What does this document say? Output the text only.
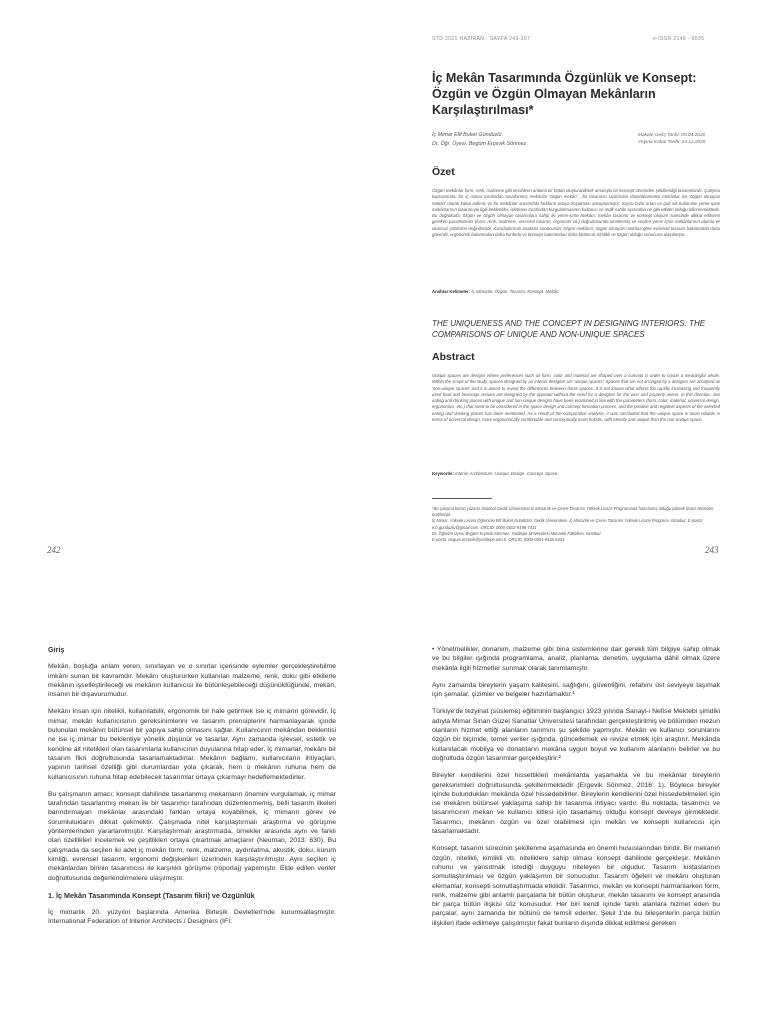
STD 2021 HAZİRAN - SAYFA 243-267	e-ISSN 2149 - 6595
İç Mekân Tasarımında Özgünlük ve Konsept: Özgün ve Özgün Olmayan Mekânların Karşılaştırılması*
İç Mimar Elif Buket Gündüzlü
Dr. Öğr. Üyesi. Begüm Erçevik Sönmez
Makale Geliş Tarihi: 09.04.2020
Yayına Kabul Tarihi: 14.11.2020
Özet

Özgün mekânlar form, renk, malzeme gibi tercihlerin anlamlı bir bütün oluşturabilmek amacıyla bir konsept üzerinden şekillendiği tasarımlardır. Çalışma kapsamında, bir iç mimar tarafından tasarlanmış mekânlar 'özgün mekân' , bir tasarımcı tarafından düzenlenmemiş mekânlar ise 'özgün olmayan mekân' olarak kabul edilmiş ve bu mekânlar arasındaki farkların ortaya koyulması amaçlanmıştır. Sayısı hızla artan ve gıdı sık kullanılan yeme-içme mekânlarının tasarımıyla ilgili beklentiler, işletmeci tarafından kurgulanmasının kullanıcı ve mülk sahibi açısından ne gibi etkileri olduğu bilinmemektedir. Bu doğrultuda, özgün ve özgün olmayan tasarımlara sahip iki yeme-içme mekânı, mekân tasarımı ve konsept oluşum sürecinde dikkat edilmesi gereken parametreler (form, renk, malzeme, evrensel tasarım, ergonomi vd.) doğrultusunda incelenmiş ve seçilen yeme içme mekânlarının olumlu ve olumsuz yönlerine değinilmiştir. Karşılaştırmalı analizler sonucunda; özgün mekânın, özgün olmayan mekâna göre evrensel tasarım bakımından daha güvenilir, ergonomik bakımından daha konforlu ve konsept bakımından daha bütüncül, kimlikli ve özgün olduğu sonucuna ulaşılmıştır.

Anahtar Kelimeler: İç Mimarlık. Özgün. Tasarım. Konsept. Mekân.

THE UNIQUENESS AND THE CONCEPT IN DESIGNING INTERIORS: THE COMPARISONS OF UNIQUE AND NON-UNIQUE SPACES
Abstract

Unique spaces are designs where preferences such as form, color and material are shaped over a concept in order to create a meaningful whole. Within the scope of the study, spaces designed by an interior designer are 'unique spaces'; Spaces that are not arranged by a designer are accepted as 'non-unique spaces' and it is aimed to reveal the differences between these spaces. It is not known what effects the rapidly increasing and frequently used food and beverage venues are designed by the operator without the need for a designer for the user and property owner. In this direction, two eating and drinking places with unique and non-unique designs have been examined in line with the parameters (form, color, material, universal design, ergonomics, etc.) that need to be considered in the space design and concept formation process, and the positive and negative aspects of the selected eating and drinking places has been mentioned. As a result of the comparative analysis, it was concluded that the unique space is more reliable in terms of universal design, more ergonomically comfortable and conceptually more holistic, with identity and unique than the non-unique space.

Keywords: Interior Architecture. Unique. Design. Concept. Space.

*Bu çalışma birinci yazarın İstanbul Gedik Üniversitesi İç Mimarlık ve Çevre Tasarımı Yüksek Lisans Programında hazırlamış olduğu yüksek lisans tezinden üretilmiştir.

İç Mimar. Yüksek Lisans Öğrencisi Elif Buket Gündüzlü. Gedik Üniversitesi. İç Mimarlık ve Çevre Tasarımı Yüksek Lisans Programı. İstanbul. E-posta: e.b.gunduzlu@gmail.com. ORCID: 0000-0002-9198-7431

Dr. Öğretim Üyesi Begüm Erçevik Sönmez. Yeditepe Üniversitesi Mimarlık Fakültesi. İstanbul.

E-posta: begum.ercevik@yeditepe.edu.tr. ORCID: 0000-0001-9435-6443

242	243
Giriş

Mekân, boşluğa anlam veren, sınırlayan ve o sınırlar içerisinde eylemler gerçekleştirebilme imkânı sunan bir kavramdır. Mekânı oluştururken kullanılan malzeme, renk, doku gibi etkilerle mekânın işselleştirileceği ve mekânın kullanıcısı ile bütünleşebileceği düşünüldüğünde, mekân, insanın bir dışavurumudur.

Mekânı insan için nitelikli, kullanılabilir, ergonomik bir hale getirmek ise iç mimarın görevidir. İç mimar, mekân kullanıcısının gereksinimlerini ve tasarım prensiplerini harmanlayarak içinde bulunulan mekânın bütünsel bir yapıya sahip olmasını sağlar. Kullanıcının mekândan beklentisi ne ise iç mimar bu beklentiye yönelik düşünür ve tasarlar. Aynı zamanda işlevsel, estetik ve kendine ait nitelikleri olan tasarımlarla kullanıcının duyularına hitap eder. İç mimarlar, mekânı bir tasarım fikri doğrultusunda tasarlamaktadırlar. Mekânın bağlamı, kullanıcıların ihtiyaçları, yapının tarihsel özelliği gibi durumlardan yola çıkarak, hem o mekânın ruhuna hem de kullanıcısının ruhuna hitap edebilecek tasarımlar ortaya çıkarmayı hedeflemektedirler.

Bu çalışmanın amacı; konsept dahilinde tasarlanmış mekanların önemini vurgulamak, iç mimar tarafından tasarlanmış mekan ile bir tasarımcı tarafından düzenlenmemiş, belli tasarım ilkeleri barındırmayan mekânlar arasındaki farkları ortaya koyabilmek, iç mimarın görev ve sorumlulukların dikkat çekmektir. Çalışmada nitel karşılaştırmalı araştırma ve görüşme yöntemlerinden yararlanılmıştır. Karşılaştırmalı araştırmada, örnekler arasında aynı ve farklı olan özellikleri incelemek ve çeşitlikleri ortaya çıkartmak amaçlanır (Neuman, 2013: 630). Bu çalışmada da seçilen iki adet iç mekân form, renk, malzeme, aydınlatma, akustik, doku, kurum kimliği, evrensel tasarım, ergonomi değişkenleri üzerinden karşılaştırılmıştır. Aynı seçilen iç mekânlardan birinin tasarımcısı ile karşılıklı görüşme (röportaj) yapılmıştır. Elde edilen veriler doğrultusunda değerlendirmelere ulaşılmıştır.

1. İç Mekân Tasarımında Konsept (Tasarım fikri) ve Özgünlük

İç mimarlık 20. yüzyılın başlarında Amerika Birleşik Devletleri'nde kurumsallaşmıştır. International Federation of Interior Architects / Designers (IFI:

• Yönetmelikler, donanım, malzeme gibi bina sistemlerine dair gerekli tüm bilgiye sahip olmak ve bu bilgiler ışığında programlama, analiz, planlama, denetim, uygulama dâhil olmak üzere mekânla ilgili hizmetler sunmak olarak tanımlamıştır.

Aynı zamanda bireylerin yaşam kalitesini, sağlığını, güvenliğini, refahını üst seviyeye taşımak için şemalar, çizimler ve belgeler hazırlamaktır.¹

Türkiye'de tezyinat (süsleme) eğitiminin başlangıcı 1923 yılında Sanayi-i Nefise Mektebi şimdiki adıyla Mimar Sinan Güzel Sanatlar Üniversitesi tarafından gerçekleştirilmiş ve bölümden mezun olanların hizmet ettiği alanların tanımını şu şekilde yapmıştır: Mekân ve kullanıcı sorunlarını özgün bir biçimde, temel veriler ışığında, güncellemek ve revize etmek için araştırır. Mekânda kullanılacak mobilya ve donatıların mekâna uygun boyut ve kullanım alanlarını belirler ve bu doğrultuda özgün tasarımlar gerçekleştirir.²

Bireyler kendilerini özel hissettikleri mekânlarda yaşamakta ve bu mekânlar bireylerin gereksinimleri doğrultusunda şekillenmektedir (Ergevik Sönmez, 2016: 1). Böylece bireyler içinde bulundukları mekânda özel hissedebilirler. Bireylerin kendilerini özel hissedebilmeleri için ise mekânın bütünsel yaklaşıma sahip bir tasarıma ihtiyacı vardır. Bu noktada, tasarımcı ve tasarımcının mekan ve kullanıcı kitlesi için tasarlamış olduğu konsept devreye girmektedir. Tasarımcı, mekânın özgün ve özel olabilmesi için mekân ve konsepti kullanıcısı için tasarlamaktadır.

Konsept, tasarım sürecinin şekillenme aşamasında en önemli hususlarından biridir. Bir mekanın özgün, nitelikli, kimlikli vb. niteliklere sahip olması konsept dahilinde gerçekleşir. Mekânın ruhunu ve yansıtmak istediği duyguyu niteleyen bir olgudur. Tasarım kıstaslarının somutlaştırılması ve özgün yaklaşımın bir sonucudur. Tasarım öğeleri ve mekânı oluşturan elemanlar, konsepti somutlaştırmada etkilidir. Tasarımcı, mekân ve konsepti harmanlarken form, renk, malzeme gibi anlamlı parçalarla bir bütün oluşturur, mekân tasarımı ve konsept arasında bir parça bütün ilişkisi söz konusudur. Her biri kendi içinde farklı alanlara hizmet eden bu parçalar, aynı zamanda bir bütünü de temsil ederler. Şekil 1'de bu bileşenlerin parça bütün ilişkileri ifade edilmeye çalışılmıştır fakat bunların dışında dikkat edilmesi gereken
